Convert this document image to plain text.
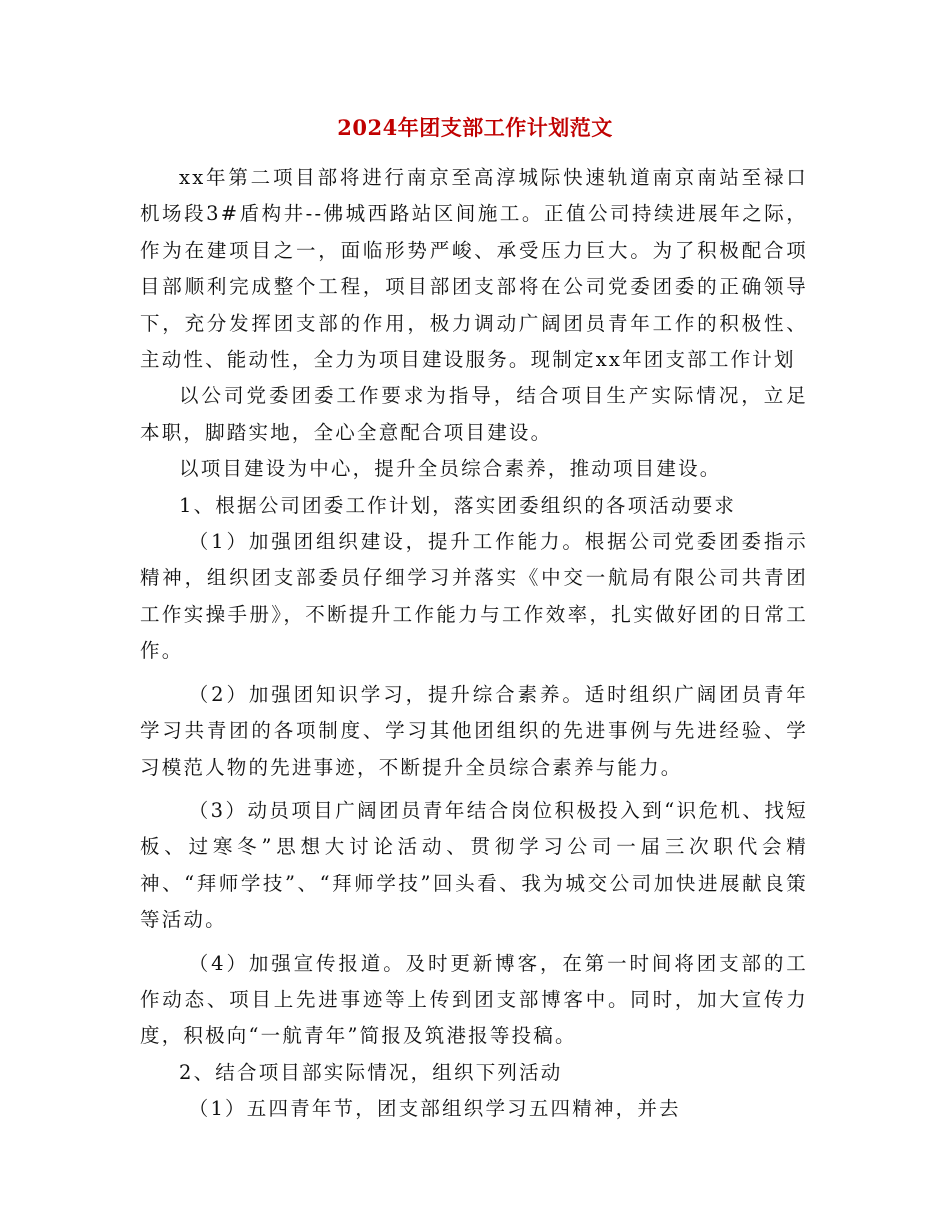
2024年团支部工作计划范文

xx年第二项目部将进行南京至高淳城际快速轨道南京南站至禄口机场段3#盾构井--佛城西路站区间施工。正值公司持续进展年之际，作为在建项目之一，面临形势严峻、承受压力巨大。为了积极配合项目部顺利完成整个工程，项目部团支部将在公司党委团委的正确领导下，充分发挥团支部的作用，极力调动广阔团员青年工作的积极性、主动性、能动性，全力为项目建设服务。现制定xx年团支部工作计划

以公司党委团委工作要求为指导，结合项目生产实际情况，立足本职，脚踏实地，全心全意配合项目建设。

以项目建设为中心，提升全员综合素养，推动项目建设。

1、根据公司团委工作计划，落实团委组织的各项活动要求

（1）加强团组织建设，提升工作能力。根据公司党委团委指示精神，组织团支部委员仔细学习并落实《中交一航局有限公司共青团工作实操手册》，不断提升工作能力与工作效率，扎实做好团的日常工作。

（2）加强团知识学习，提升综合素养。适时组织广阔团员青年学习共青团的各项制度、学习其他团组织的先进事例与先进经验、学习模范人物的先进事迹，不断提升全员综合素养与能力。

（3）动员项目广阔团员青年结合岗位积极投入到“识危机、找短板、过寒冬”思想大讨论活动、贯彻学习公司一届三次职代会精神、“拜师学技”、“拜师学技”回头看、我为城交公司加快进展献良策等活动。

（4）加强宣传报道。及时更新博客，在第一时间将团支部的工作动态、项目上先进事迹等上传到团支部博客中。同时，加大宣传力度，积极向“一航青年”简报及筑港报等投稿。

2、结合项目部实际情况，组织下列活动

（1）五四青年节，团支部组织学习五四精神，并去
